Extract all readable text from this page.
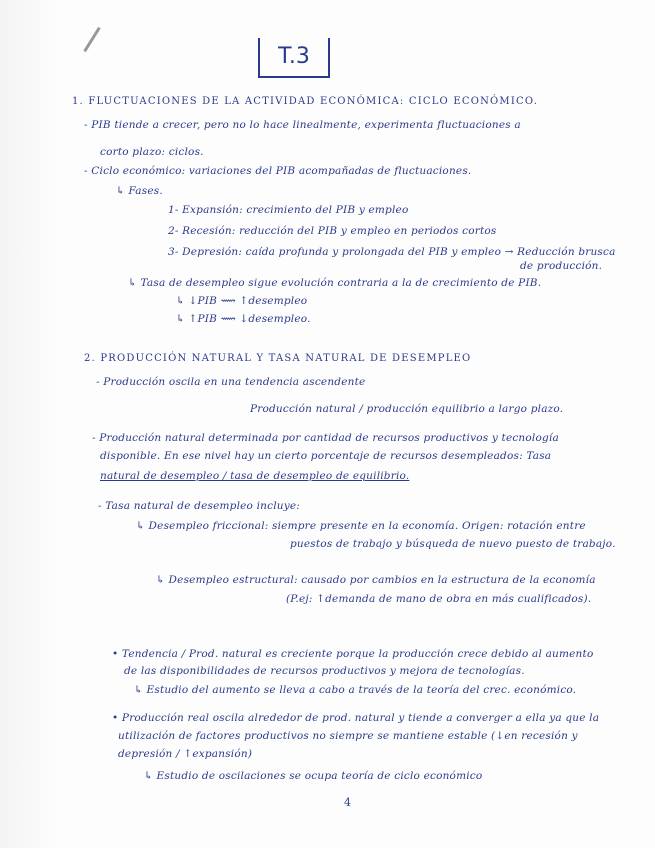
T.3
1. FLUCTUACIONES DE LA ACTIVIDAD ECONÓMICA: CICLO ECONÓMICO.
- PIB tiende a crecer, pero no lo hace linealmente, experimenta fluctuaciones a
corto plazo: ciclos.
- Ciclo económico: variaciones del PIB acompañadas de fluctuaciones.
↳ Fases.
1- Expansión: crecimiento del PIB y empleo
2- Recesión: reducción del PIB y empleo en periodos cortos
3- Depresión: caída profunda y prolongada del PIB y empleo → Reducción brusca
de producción.
↳ Tasa de desempleo sigue evolución contraria a la de crecimiento de PIB.
↳ ↓PIB ⟿ ↑desempleo
↳ ↑PIB ⟿ ↓desempleo.
2. PRODUCCIÓN NATURAL Y TASA NATURAL DE DESEMPLEO
- Producción oscila en una tendencia ascendente
Producción natural / producción equilibrio a largo plazo.
- Producción natural determinada por cantidad de recursos productivos y tecnología
disponible. En ese nivel hay un cierto porcentaje de recursos desempleados: Tasa
natural de desempleo / tasa de desempleo de equilibrio.
- Tasa natural de desempleo incluye:
↳ Desempleo friccional: siempre presente en la economía. Origen: rotación entre
puestos de trabajo y búsqueda de nuevo puesto de trabajo.
↳ Desempleo estructural: causado por cambios en la estructura de la economía
(P.ej: ↑demanda de mano de obra en más cualificados).
• Tendencia / Prod. natural es creciente porque la producción crece debido al aumento
de las disponibilidades de recursos productivos y mejora de tecnologías.
↳ Estudio del aumento se lleva a cabo a través de la teoría del crec. económico.
• Producción real oscila alrededor de prod. natural y tiende a converger a ella ya que la
utilización de factores productivos no siempre se mantiene estable (↓en recesión y
depresión / ↑expansión)
↳ Estudio de oscilaciones se ocupa teoría de ciclo económico
4
